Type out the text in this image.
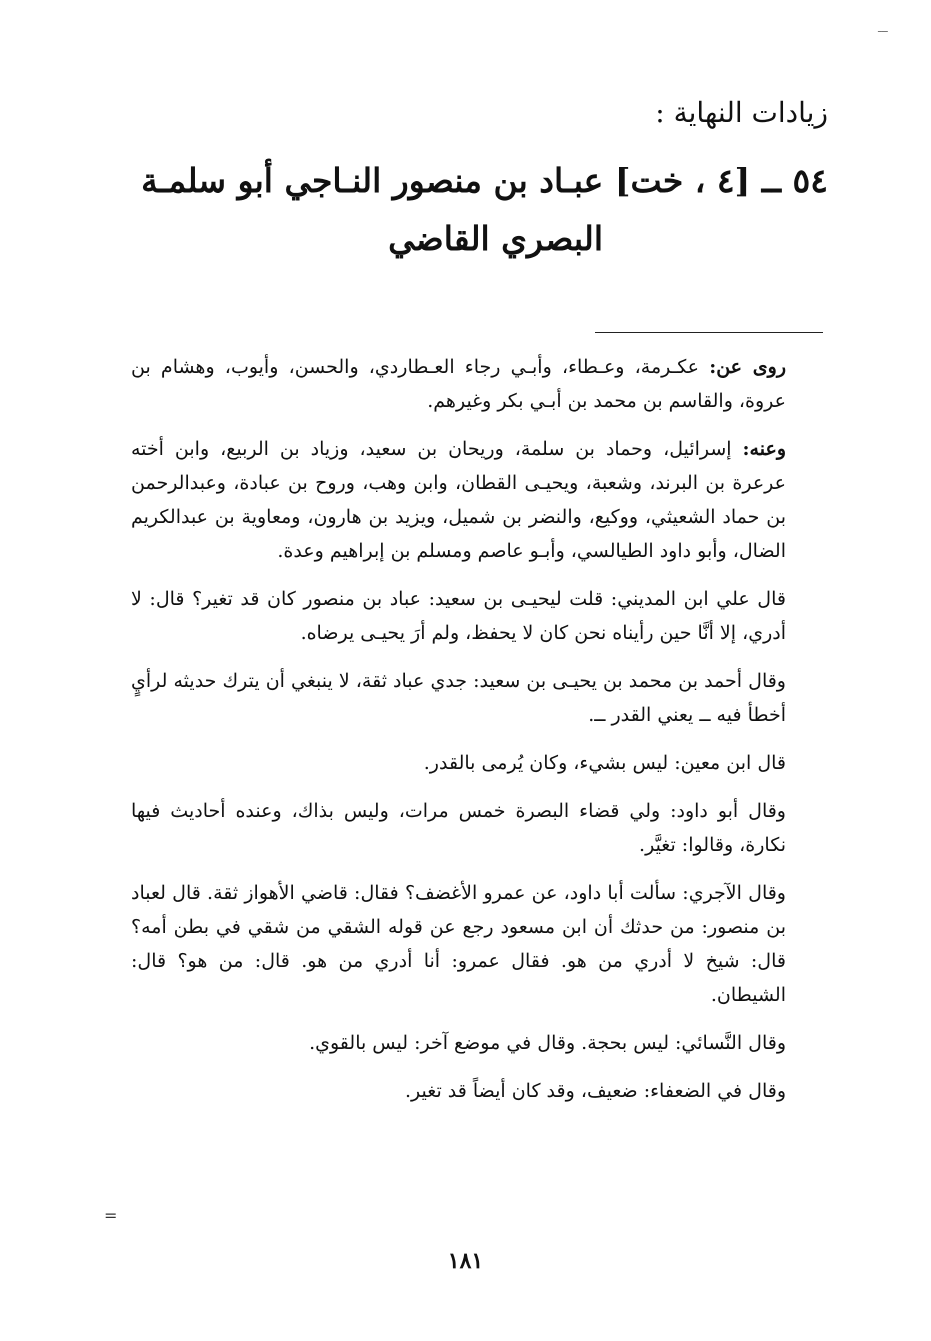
ـــ
زيادات النهاية :
٥٤ ــ [٤ ، خت] عبـاد بن منصور النـاجي أبو سلمـة
البصري القاضي

روى عن: عكـرمة، وعـطاء، وأبـي رجاء العـطاردي، والحسن، وأيوب، وهشام بن عروة، والقاسم بن محمد بن أبـي بكر وغيرهم.

وعنه: إسرائيل، وحماد بن سلمة، وريحان بن سعيد، وزياد بن الربيع، وابن أخته عرعرة بن البرند، وشعبة، ويحيـى القطان، وابن وهب، وروح بن عبادة، وعبدالرحمن بن حماد الشعيثي، ووكيع، والنضر بن شميل، ويزيد بن هارون، ومعاوية بن عبدالكريم الضال، وأبو داود الطيالسي، وأبـو عاصم ومسلم بن إبراهيم وعدة.

قال علي ابن المديني: قلت ليحيـى بن سعيد: عباد بن منصور كان قد تغير؟ قال: لا أدري، إلا أنَّا حين رأيناه نحن كان لا يحفظ، ولم أرَ يحيـى يرضاه.

وقال أحمد بن محمد بن يحيـى بن سعيد: جدي عباد ثقة، لا ينبغي أن يترك حديثه لرأيٍ أخطأ فيه ــ يعني القدر ــ.

قال ابن معين: ليس بشيء، وكان يُرمى بالقدر.

وقال أبو داود: ولي قضاء البصرة خمس مرات، وليس بذاك، وعنده أحاديث فيها نكارة، وقالوا: تغيَّر.

وقال الآجري: سألت أبا داود، عن عمرو الأغضف؟ فقال: قاضي الأهواز ثقة. قال لعباد بن منصور: من حدثك أن ابن مسعود رجع عن قوله الشقي من شقي في بطن أمه؟ قال: شيخ لا أدري من هو. فقال عمرو: أنا أدري من هو. قال: من هو؟ قال: الشيطان.

وقال النَّسائي: ليس بحجة. وقال في موضع آخر: ليس بالقوي.

وقال في الضعفاء: ضعيف، وقد كان أيضاً قد تغير.

=
١٨١
